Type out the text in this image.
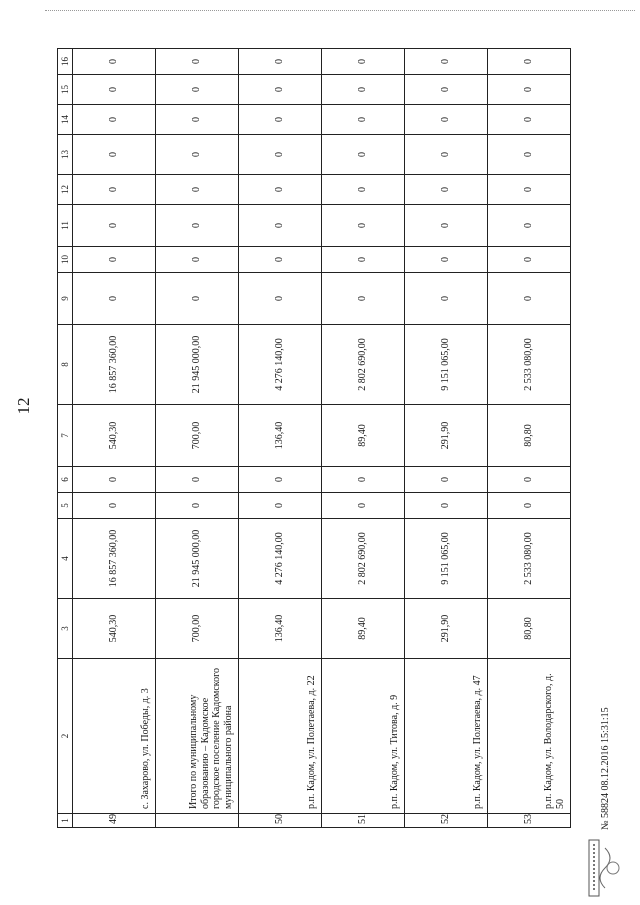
12
1	2	3	4	5	6	7	8	9	10	11	12	13	14	15	16
49	с. Захарово, ул. Победы, д. 3	540,30	16 857 360,00	0	0	540,30	16 857 360,00	0	0	0	0	0	0	0	0
	Итого по муниципальному образованию – Кадомское городское поселение Кадомского муниципального района	700,00	21 945 000,00	0	0	700,00	21 945 000,00	0	0	0	0	0	0	0	0
50	р.п. Кадом, ул. Полетаева, д. 22	136,40	4 276 140,00	0	0	136,40	4 276 140,00	0	0	0	0	0	0	0	0
51	р.п. Кадом, ул. Титова, д. 9	89,40	2 802 690,00	0	0	89,40	2 802 690,00	0	0	0	0	0	0	0	0
52	р.п. Кадом, ул. Полетаева, д. 47	291,90	9 151 065,00	0	0	291,90	9 151 065,00	0	0	0	0	0	0	0	0
53	р.п. Кадом, ул. Володарского, д. 50	80,80	2 533 080,00	0	0	80,80	2 533 080,00	0	0	0	0	0	0	0	0
№ 58824 08.12.2016 15:31:15
